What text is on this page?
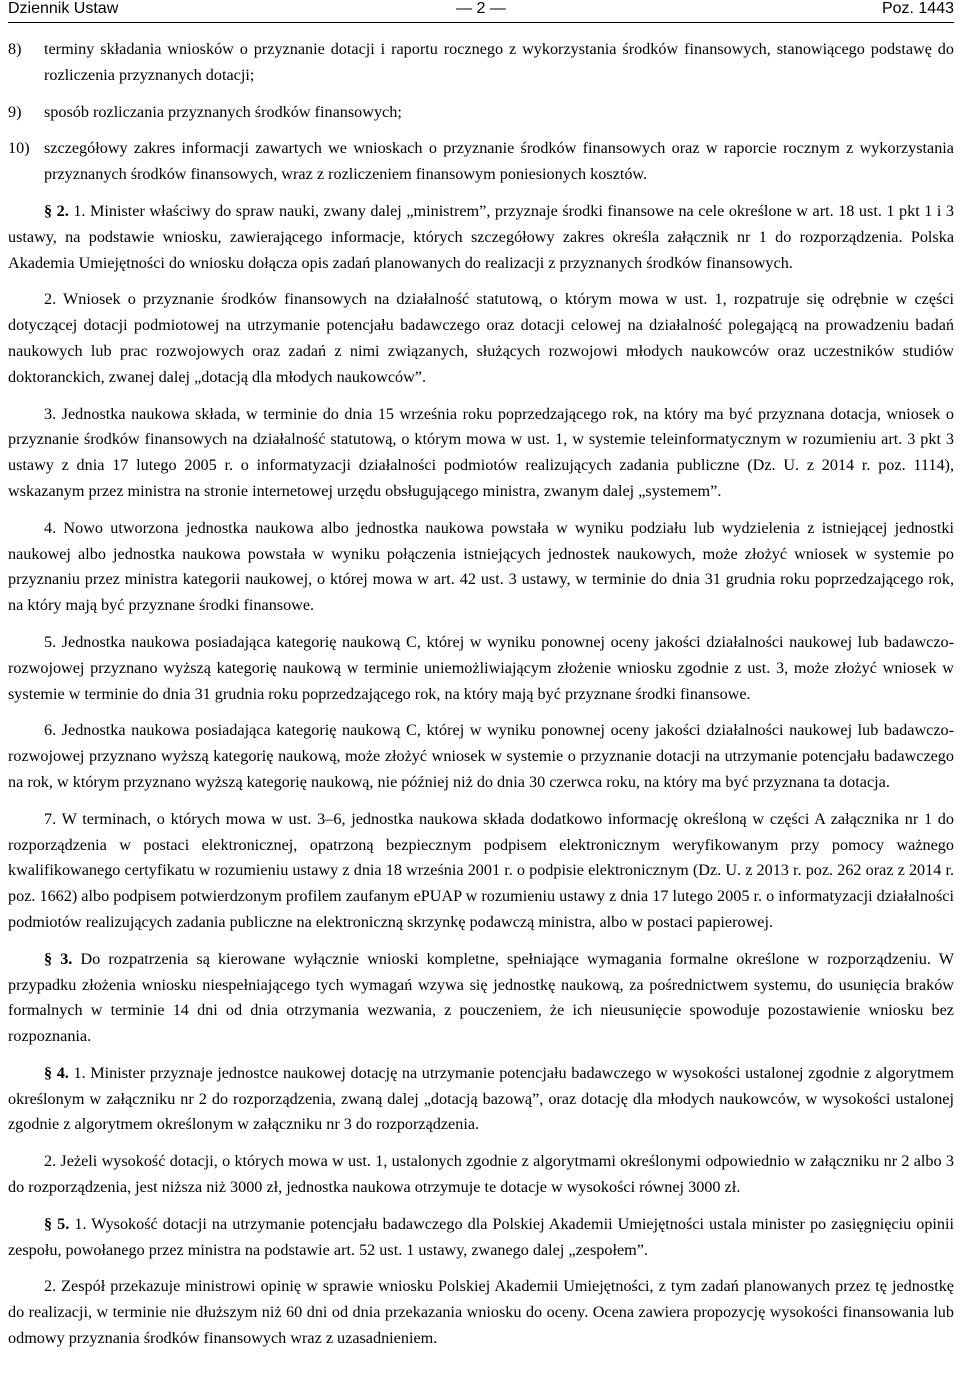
Dziennik Ustaw	— 2 —	Poz. 1443
8) terminy składania wniosków o przyznanie dotacji i raportu rocznego z wykorzystania środków finansowych, stanowiącego podstawę do rozliczenia przyznanych dotacji;
9) sposób rozliczania przyznanych środków finansowych;
10) szczegółowy zakres informacji zawartych we wnioskach o przyznanie środków finansowych oraz w raporcie rocznym z wykorzystania przyznanych środków finansowych, wraz z rozliczeniem finansowym poniesionych kosztów.

§ 2. 1. Minister właściwy do spraw nauki, zwany dalej „ministrem”, przyznaje środki finansowe na cele określone w art. 18 ust. 1 pkt 1 i 3 ustawy, na podstawie wniosku, zawierającego informacje, których szczegółowy zakres określa załącznik nr 1 do rozporządzenia. Polska Akademia Umiejętności do wniosku dołącza opis zadań planowanych do realizacji z przyznanych środków finansowych.

2. Wniosek o przyznanie środków finansowych na działalność statutową, o którym mowa w ust. 1, rozpatruje się odrębnie w części dotyczącej dotacji podmiotowej na utrzymanie potencjału badawczego oraz dotacji celowej na działalność polegającą na prowadzeniu badań naukowych lub prac rozwojowych oraz zadań z nimi związanych, służących rozwojowi młodych naukowców oraz uczestników studiów doktoranckich, zwanej dalej „dotacją dla młodych naukowców”.

3. Jednostka naukowa składa, w terminie do dnia 15 września roku poprzedzającego rok, na który ma być przyznana dotacja, wniosek o przyznanie środków finansowych na działalność statutową, o którym mowa w ust. 1, w systemie teleinformatycznym w rozumieniu art. 3 pkt 3 ustawy z dnia 17 lutego 2005 r. o informatyzacji działalności podmiotów realizujących zadania publiczne (Dz. U. z 2014 r. poz. 1114), wskazanym przez ministra na stronie internetowej urzędu obsługującego ministra, zwanym dalej „systemem”.

4. Nowo utworzona jednostka naukowa albo jednostka naukowa powstała w wyniku podziału lub wydzielenia z istniejącej jednostki naukowej albo jednostka naukowa powstała w wyniku połączenia istniejących jednostek naukowych, może złożyć wniosek w systemie po przyznaniu przez ministra kategorii naukowej, o której mowa w art. 42 ust. 3 ustawy, w terminie do dnia 31 grudnia roku poprzedzającego rok, na który mają być przyznane środki finansowe.

5. Jednostka naukowa posiadająca kategorię naukową C, której w wyniku ponownej oceny jakości działalności naukowej lub badawczo-rozwojowej przyznano wyższą kategorię naukową w terminie uniemożliwiającym złożenie wniosku zgodnie z ust. 3, może złożyć wniosek w systemie w terminie do dnia 31 grudnia roku poprzedzającego rok, na który mają być przyznane środki finansowe.

6. Jednostka naukowa posiadająca kategorię naukową C, której w wyniku ponownej oceny jakości działalności naukowej lub badawczo-rozwojowej przyznano wyższą kategorię naukową, może złożyć wniosek w systemie o przyznanie dotacji na utrzymanie potencjału badawczego na rok, w którym przyznano wyższą kategorię naukową, nie później niż do dnia 30 czerwca roku, na który ma być przyznana ta dotacja.

7. W terminach, o których mowa w ust. 3–6, jednostka naukowa składa dodatkowo informację określoną w części A załącznika nr 1 do rozporządzenia w postaci elektronicznej, opatrzoną bezpiecznym podpisem elektronicznym weryfikowanym przy pomocy ważnego kwalifikowanego certyfikatu w rozumieniu ustawy z dnia 18 września 2001 r. o podpisie elektronicznym (Dz. U. z 2013 r. poz. 262 oraz z 2014 r. poz. 1662) albo podpisem potwierdzonym profilem zaufanym ePUAP w rozumieniu ustawy z dnia 17 lutego 2005 r. o informatyzacji działalności podmiotów realizujących zadania publiczne na elektroniczną skrzynkę podawczą ministra, albo w postaci papierowej.

§ 3. Do rozpatrzenia są kierowane wyłącznie wnioski kompletne, spełniające wymagania formalne określone w rozporządzeniu. W przypadku złożenia wniosku niespełniającego tych wymagań wzywa się jednostkę naukową, za pośrednictwem systemu, do usunięcia braków formalnych w terminie 14 dni od dnia otrzymania wezwania, z pouczeniem, że ich nieusunięcie spowoduje pozostawienie wniosku bez rozpoznania.

§ 4. 1. Minister przyznaje jednostce naukowej dotację na utrzymanie potencjału badawczego w wysokości ustalonej zgodnie z algorytmem określonym w załączniku nr 2 do rozporządzenia, zwaną dalej „dotacją bazową”, oraz dotację dla młodych naukowców, w wysokości ustalonej zgodnie z algorytmem określonym w załączniku nr 3 do rozporządzenia.

2. Jeżeli wysokość dotacji, o których mowa w ust. 1, ustalonych zgodnie z algorytmami określonymi odpowiednio w załączniku nr 2 albo 3 do rozporządzenia, jest niższa niż 3000 zł, jednostka naukowa otrzymuje te dotacje w wysokości równej 3000 zł.

§ 5. 1. Wysokość dotacji na utrzymanie potencjału badawczego dla Polskiej Akademii Umiejętności ustala minister po zasięgnięciu opinii zespołu, powołanego przez ministra na podstawie art. 52 ust. 1 ustawy, zwanego dalej „zespołem”.

2. Zespół przekazuje ministrowi opinię w sprawie wniosku Polskiej Akademii Umiejętności, z tym zadań planowanych przez tę jednostkę do realizacji, w terminie nie dłuższym niż 60 dni od dnia przekazania wniosku do oceny. Ocena zawiera propozycję wysokości finansowania lub odmowy przyznania środków finansowych wraz z uzasadnieniem.
